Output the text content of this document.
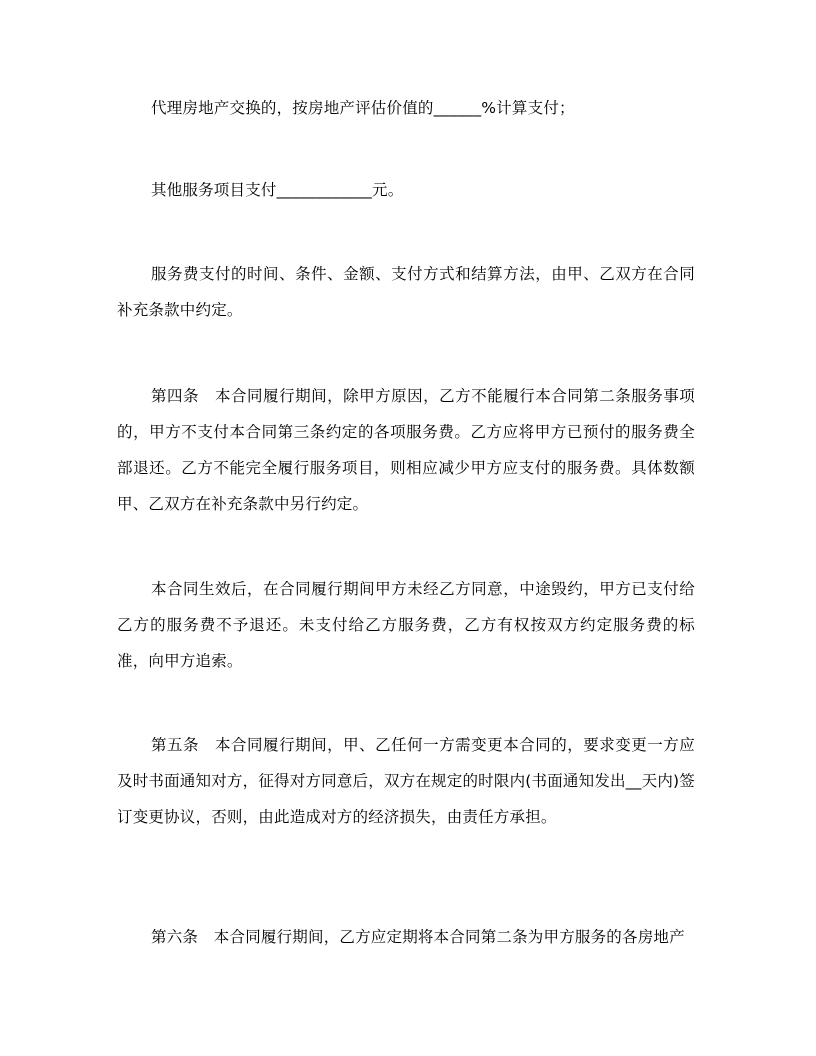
代理房地产交换的，按房地产评估价值的______%计算支付；

其他服务项目支付____________元。

服务费支付的时间、条件、金额、支付方式和结算方法，由甲、乙双方在合同补充条款中约定。

第四条　本合同履行期间，除甲方原因，乙方不能履行本合同第二条服务事项的，甲方不支付本合同第三条约定的各项服务费。乙方应将甲方已预付的服务费全部退还。乙方不能完全履行服务项目，则相应减少甲方应支付的服务费。具体数额甲、乙双方在补充条款中另行约定。

本合同生效后，在合同履行期间甲方未经乙方同意，中途毁约，甲方已支付给乙方的服务费不予退还。未支付给乙方服务费，乙方有权按双方约定服务费的标准，向甲方追索。

第五条　本合同履行期间，甲、乙任何一方需变更本合同的，要求变更一方应及时书面通知对方，征得对方同意后，双方在规定的时限内(书面通知发出__天内)签订变更协议，否则，由此造成对方的经济损失，由责任方承担。

第六条　本合同履行期间，乙方应定期将本合同第二条为甲方服务的各房地产
